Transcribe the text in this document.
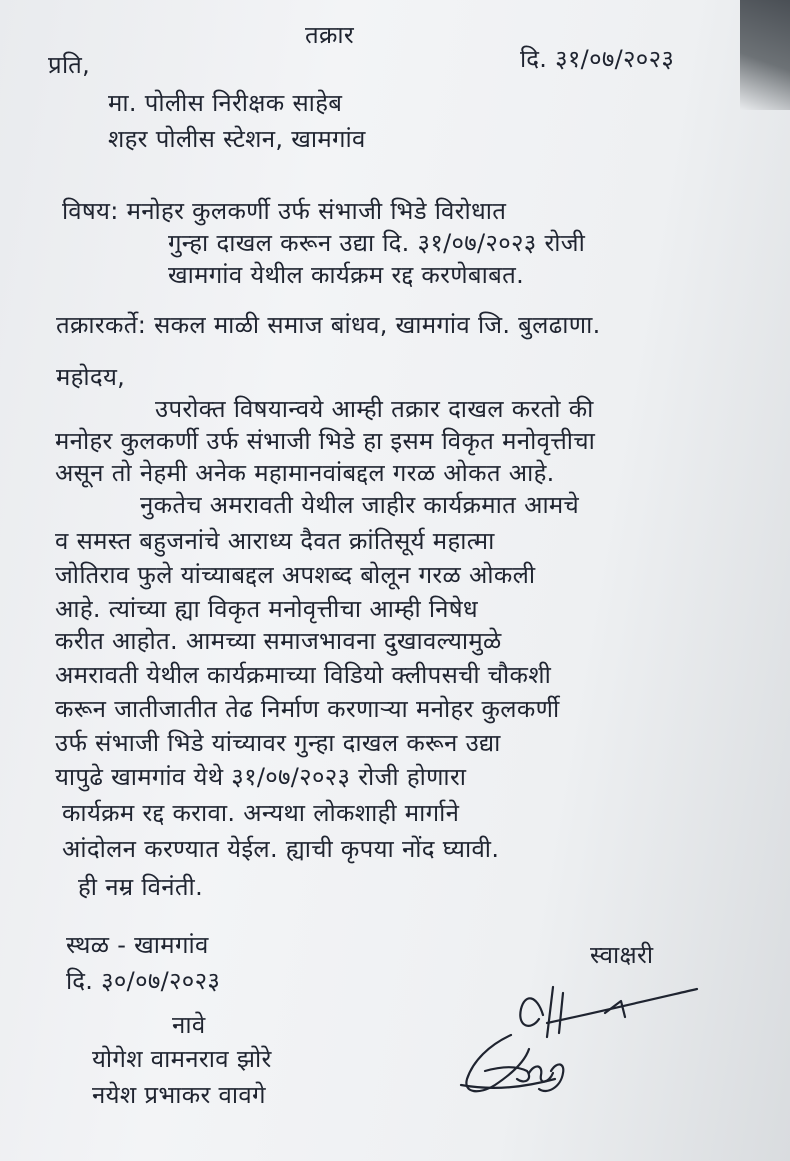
तक्रार
दि. ३१/०७/२०२३
प्रति,
मा. पोलीस निरीक्षक साहेब
शहर पोलीस स्टेशन, खामगांव
विषय: मनोहर कुलकर्णी उर्फ संभाजी भिडे विरोधात
गुन्हा दाखल करून उद्या दि. ३१/०७/२०२३ रोजी
खामगांव येथील कार्यक्रम रद्द करणेबाबत.
तक्रारकर्ते: सकल माळी समाज बांधव, खामगांव जि. बुलढाणा.
महोदय,
उपरोक्त विषयान्वये आम्ही तक्रार दाखल करतो की
मनोहर कुलकर्णी उर्फ संभाजी भिडे हा इसम विकृत मनोवृत्तीचा
असून तो नेहमी अनेक महामानवांबद्दल गरळ ओकत आहे.
नुकतेच अमरावती येथील जाहीर कार्यक्रमात आमचे
व समस्त बहुजनांचे आराध्य दैवत क्रांतिसूर्य महात्मा
जोतिराव फुले यांच्याबद्दल अपशब्द बोलून गरळ ओकली
आहे. त्यांच्या ह्या विकृत मनोवृत्तीचा आम्ही निषेध
करीत आहोत. आमच्या समाजभावना दुखावल्यामुळे
अमरावती येथील कार्यक्रमाच्या विडियो क्लीपसची चौकशी
करून जातीजातीत तेढ निर्माण करणाऱ्या मनोहर कुलकर्णी
उर्फ संभाजी भिडे यांच्यावर गुन्हा दाखल करून उद्या
यापुढे खामगांव येथे ३१/०७/२०२३ रोजी होणारा
कार्यक्रम रद्द करावा. अन्यथा लोकशाही मार्गाने
आंदोलन करण्यात येईल. ह्याची कृपया नोंद घ्यावी.
ही नम्र विनंती.
स्थळ - खामगांव	स्वाक्षरी
दि. ३०/०७/२०२३
नावे
योगेश वामनराव झोरे
नयेश प्रभाकर वावगे
